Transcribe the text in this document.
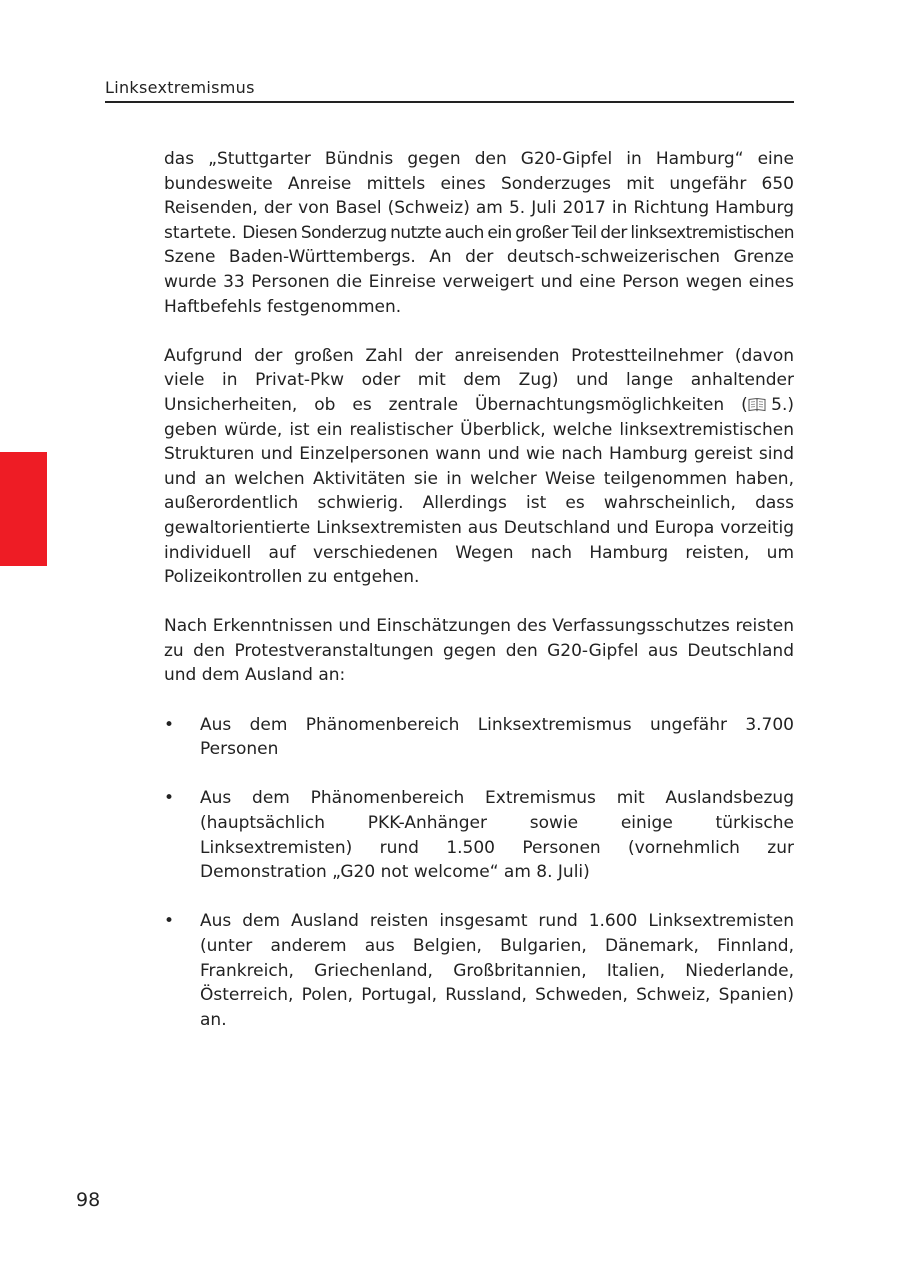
Linksextremismus

das „Stuttgarter Bündnis gegen den G20-Gipfel in Hamburg“ eine bundesweite Anreise mittels eines Sonderzuges mit ungefähr 650 Reisenden, der von Basel (Schweiz) am 5. Juli 2017 in Richtung Hamburg startete. Diesen Sonderzug nutzte auch ein großer Teil der linksextremistischen Szene Baden-Württembergs. An der deutsch-schweizerischen Grenze wurde 33 Personen die Einreise verweigert und eine Person wegen eines Haftbefehls festgenommen.

Aufgrund der großen Zahl der anreisenden Protestteilnehmer (davon viele in Privat-Pkw oder mit dem Zug) und lange anhaltender Unsicherheiten, ob es zentrale Übernachtungsmöglichkeiten ( 5.) geben würde, ist ein realistischer Überblick, welche linksextremistischen Strukturen und Einzelpersonen wann und wie nach Hamburg gereist sind und an welchen Aktivitäten sie in welcher Weise teilgenommen haben, außerordentlich schwierig. Allerdings ist es wahrscheinlich, dass gewaltorientierte Linksextremisten aus Deutschland und Europa vorzeitig individuell auf verschiedenen Wegen nach Hamburg reisten, um Polizeikontrollen zu entgehen.

Nach Erkenntnissen und Einschätzungen des Verfassungsschutzes reisten zu den Protestveranstaltungen gegen den G20-Gipfel aus Deutschland und dem Ausland an:

• Aus dem Phänomenbereich Linksextremismus ungefähr 3.700 Personen
• Aus dem Phänomenbereich Extremismus mit Auslandsbezug (hauptsächlich PKK-Anhänger sowie einige türkische Linksextremisten) rund 1.500 Personen (vornehmlich zur Demonstration „G20 not welcome“ am 8. Juli)
• Aus dem Ausland reisten insgesamt rund 1.600 Linksextremisten (unter anderem aus Belgien, Bulgarien, Dänemark, Finnland, Frankreich, Griechenland, Großbritannien, Italien, Niederlande, Österreich, Polen, Portugal, Russland, Schweden, Schweiz, Spanien) an.
98
